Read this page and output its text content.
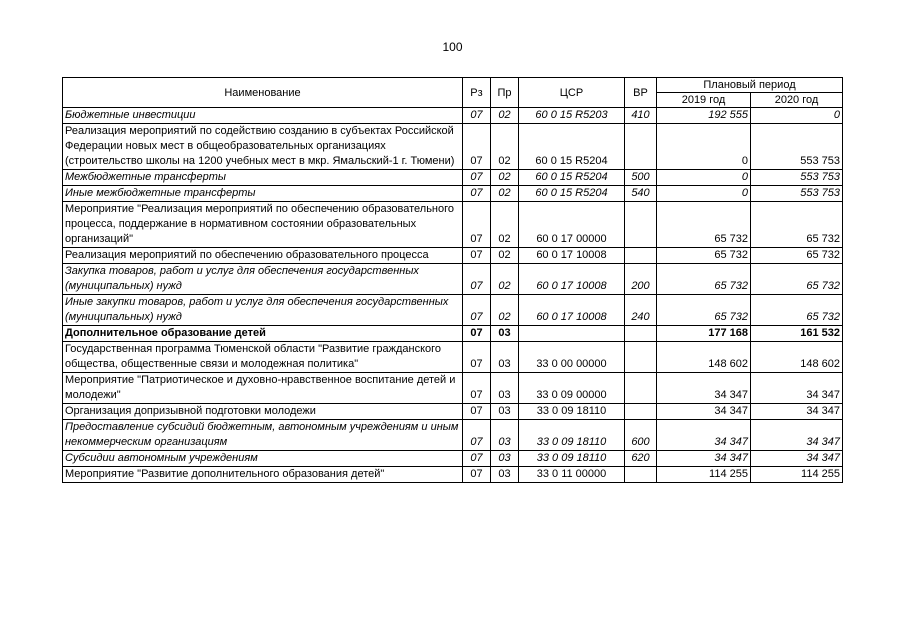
100
Наименование	Рз	Пр	ЦСР	ВР	Плановый период	
					2019 год	2020 год
Бюджетные инвестиции	07	02	60 0 15 R5203	410	192 555	0
Реализация мероприятий по содействию созданию в субъектах Российской Федерации новых мест в общеобразовательных организациях (строительство школы на 1200 учебных мест в мкр. Ямальский-1 г. Тюмени)	07	02	60 0 15 R5204		0	553 753
Межбюджетные трансферты	07	02	60 0 15 R5204	500	0	553 753
Иные межбюджетные трансферты	07	02	60 0 15 R5204	540	0	553 753
Мероприятие "Реализация мероприятий по обеспечению образовательного процесса, поддержание в нормативном состоянии образовательных организаций"	07	02	60 0 17 00000		65 732	65 732
Реализация мероприятий по обеспечению образовательного процесса	07	02	60 0 17 10008		65 732	65 732
Закупка товаров, работ и услуг для обеспечения государственных (муниципальных) нужд	07	02	60 0 17 10008	200	65 732	65 732
Иные закупки товаров, работ и услуг для обеспечения государственных (муниципальных) нужд	07	02	60 0 17 10008	240	65 732	65 732
Дополнительное образование детей	07	03			177 168	161 532
Государственная программа Тюменской области "Развитие гражданского общества, общественные связи и молодежная политика"	07	03	33 0 00 00000		148 602	148 602
Мероприятие "Патриотическое и духовно-нравственное воспитание детей и молодежи"	07	03	33 0 09 00000		34 347	34 347
Организация допризывной подготовки молодежи	07	03	33 0 09 18110		34 347	34 347
Предоставление субсидий бюджетным, автономным учреждениям и иным некоммерческим организациям	07	03	33 0 09 18110	600	34 347	34 347
Субсидии автономным учреждениям	07	03	33 0 09 18110	620	34 347	34 347
Мероприятие "Развитие дополнительного образования детей"	07	03	33 0 11 00000		114 255	114 255
